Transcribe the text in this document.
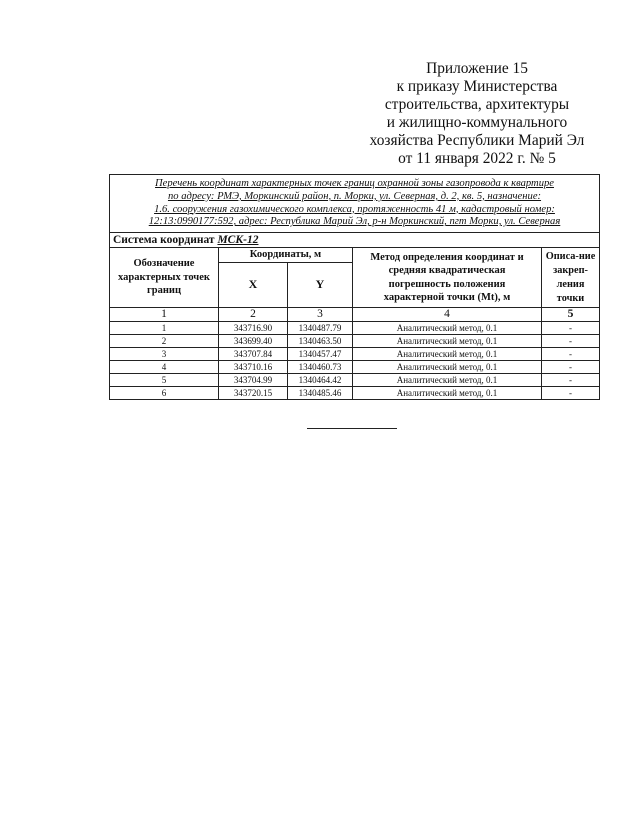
Приложение 15
к приказу Министерства
строительства, архитектуры
и жилищно-коммунального
хозяйства Республики Марий Эл
от 11 января 2022 г. № 5
Перечень координат характерных точек границ охранной зоны газопровода к квартире
по адресу: РМЭ, Моркинский район, п. Морки, ул. Северная, д. 2, кв. 5, назначение:
1.6. сооружения газохимического комплекса, протяженность 41 м, кадастровый номер:
12:13:0990177:592, адрес: Республика Марий Эл, р-н Моркинский, пгт Морки, ул. Северная				

Система координат МСК-12				
Обозначение характерных точек границ	Координаты, м		Метод определения координат и средняя квадратическая погрешность положения характерной точки (Mt), м	Описа-ние закреп-ления точки
	X	Y		
1	2	3	4	5
1	343716.90	1340487.79	Аналитический метод, 0.1	-
2	343699.40	1340463.50	Аналитический метод, 0.1	-
3	343707.84	1340457.47	Аналитический метод, 0.1	-
4	343710.16	1340460.73	Аналитический метод, 0.1	-
5	343704.99	1340464.42	Аналитический метод, 0.1	-
6	343720.15	1340485.46	Аналитический метод, 0.1	-
